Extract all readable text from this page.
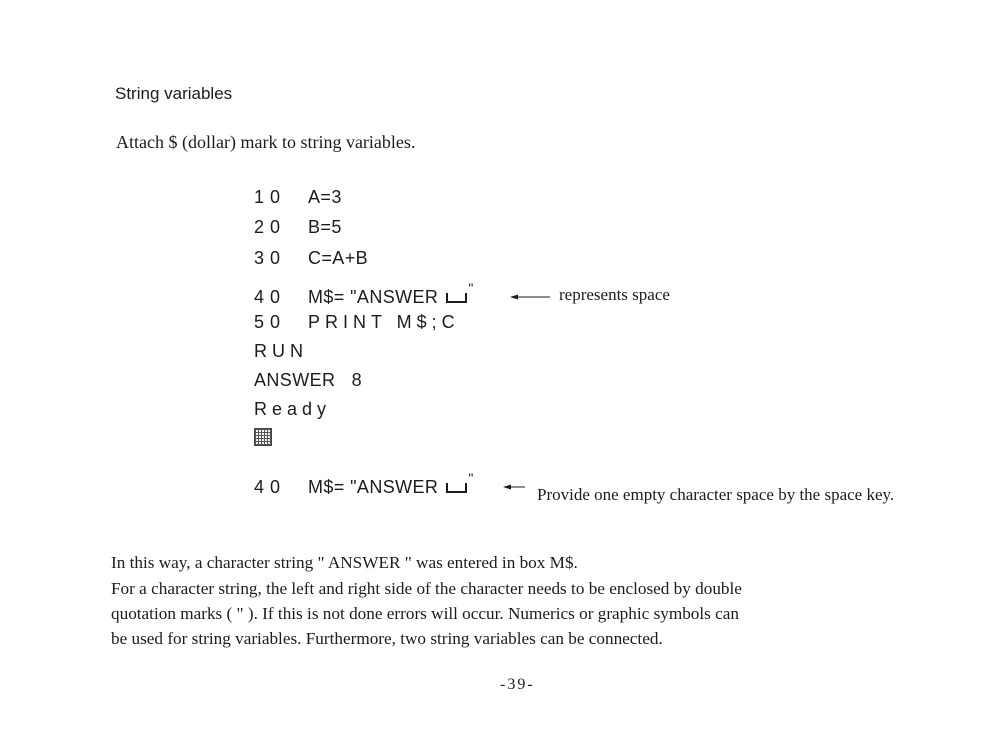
String variables
Attach $ (dollar) mark to string variables.
10 A=3
20 B=5
30 C=A+B
40 M$= "ANSWER "
50 PRINT M$;C
RUN
ANSWER 8
Ready
40 M$= "ANSWER "
represents space
Provide one empty character space by the space key.
In this way, a character string " ANSWER " was entered in box M$.
For a character string, the left and right side of the character needs to be enclosed by double
quotation marks ( " ). If this is not done errors will occur. Numerics or graphic symbols can
be used for string variables. Furthermore, two string variables can be connected.
-39-
